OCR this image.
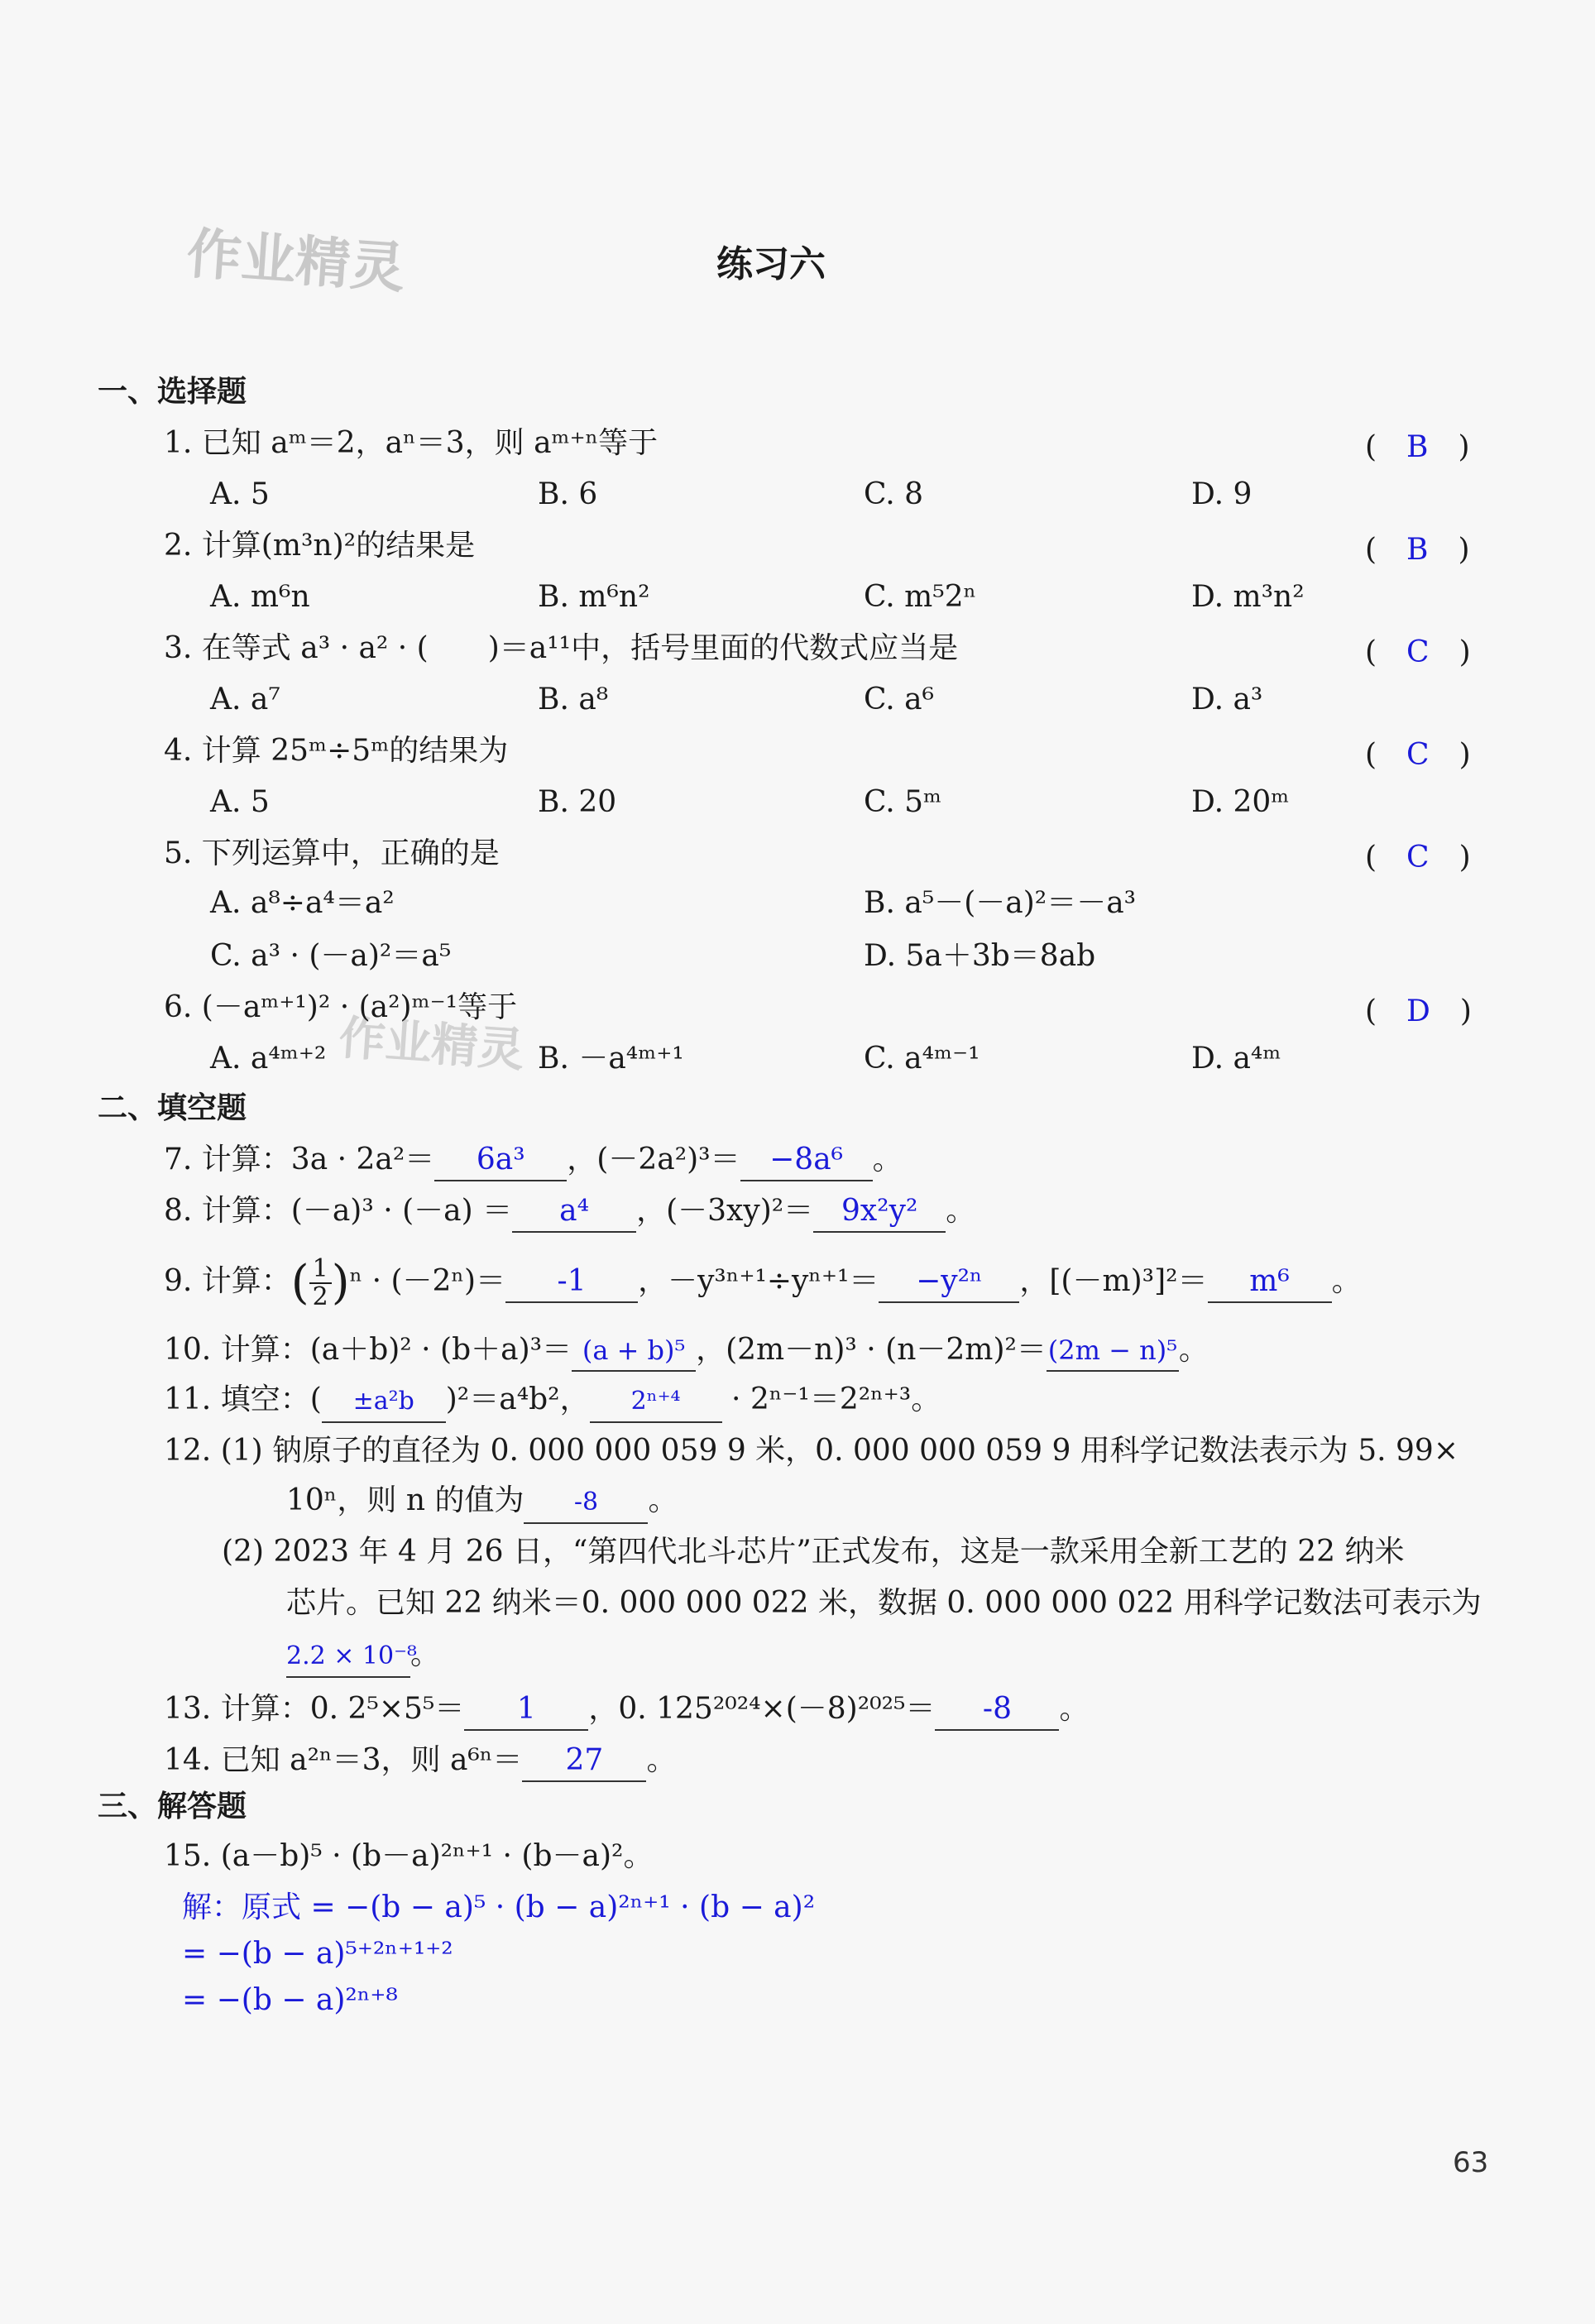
作业精灵
作业精灵
练习六
一、选择题
1. 已知 aᵐ＝2，aⁿ＝3，则 aᵐ⁺ⁿ等于	(　B　)
A. 5	B. 6	C. 8	D. 9
2. 计算(m³n)²的结果是	(　B　)
A. m⁶n	B. m⁶n²	C. m⁵2ⁿ	D. m³n²
3. 在等式 a³ · a² · (　　)＝a¹¹中，括号里面的代数式应当是	(　C　)
A. a⁷	B. a⁸	C. a⁶	D. a³
4. 计算 25ᵐ÷5ᵐ的结果为	(　C　)
A. 5	B. 20	C. 5ᵐ	D. 20ᵐ
5. 下列运算中，正确的是	(　C　)
A. a⁸÷a⁴＝a²	B. a⁵－(－a)²＝－a³
C. a³ · (－a)²＝a⁵	D. 5a＋3b＝8ab
6. (－aᵐ⁺¹)² · (a²)ᵐ⁻¹等于	(　D　)
A. a⁴ᵐ⁺²	B. －a⁴ᵐ⁺¹	C. a⁴ᵐ⁻¹	D. a⁴ᵐ
二、填空题
7. 计算：3a · 2a²＝ 6a³ ，(－2a²)³＝ −8a⁶ 。
8. 计算：(－a)³ · (－a) ＝ a⁴ ，(－3xy)²＝ 9x²y² 。
9. 计算：( $\frac{1}{2} )^n \cdot (-2^n)= -1$ ，－y³ⁿ⁺¹÷yⁿ⁺¹＝ −y²ⁿ ，[(－m)³]²＝ m⁶ 。
10. 计算：(a＋b)² · (b＋a)³＝ (a + b)⁵ ，(2m－n)³ · (n－2m)²＝(2m − n)⁵。
11. 填空：( ±a²b )²＝a⁴b²， 2ⁿ⁺⁴ · 2ⁿ⁻¹＝2²ⁿ⁺³。
12. (1) 钠原子的直径为 0. 000 000 059 9 米，0. 000 000 059 9 用科学记数法表示为 5. 99×
10ⁿ，则 n 的值为 -8 。
(2) 2023 年 4 月 26 日，“第四代北斗芯片”正式发布，这是一款采用全新工艺的 22 纳米
芯片。已知 22 纳米＝0. 000 000 022 米，数据 0. 000 000 022 用科学记数法可表示为
2.2 × 10⁻⁸。
13. 计算：0. 2⁵×5⁵＝ 1 ，0. 125²⁰²⁴×(－8)²⁰²⁵＝ -8 。
14. 已知 a²ⁿ＝3，则 a⁶ⁿ＝ 27 。
三、解答题
15. (a－b)⁵ · (b－a)²ⁿ⁺¹ · (b－a)²。
解：原式 = −(b − a)⁵ · (b − a)²ⁿ⁺¹ · (b − a)²
= −(b − a)⁵⁺²ⁿ⁺¹⁺²
= −(b − a)²ⁿ⁺⁸
63
